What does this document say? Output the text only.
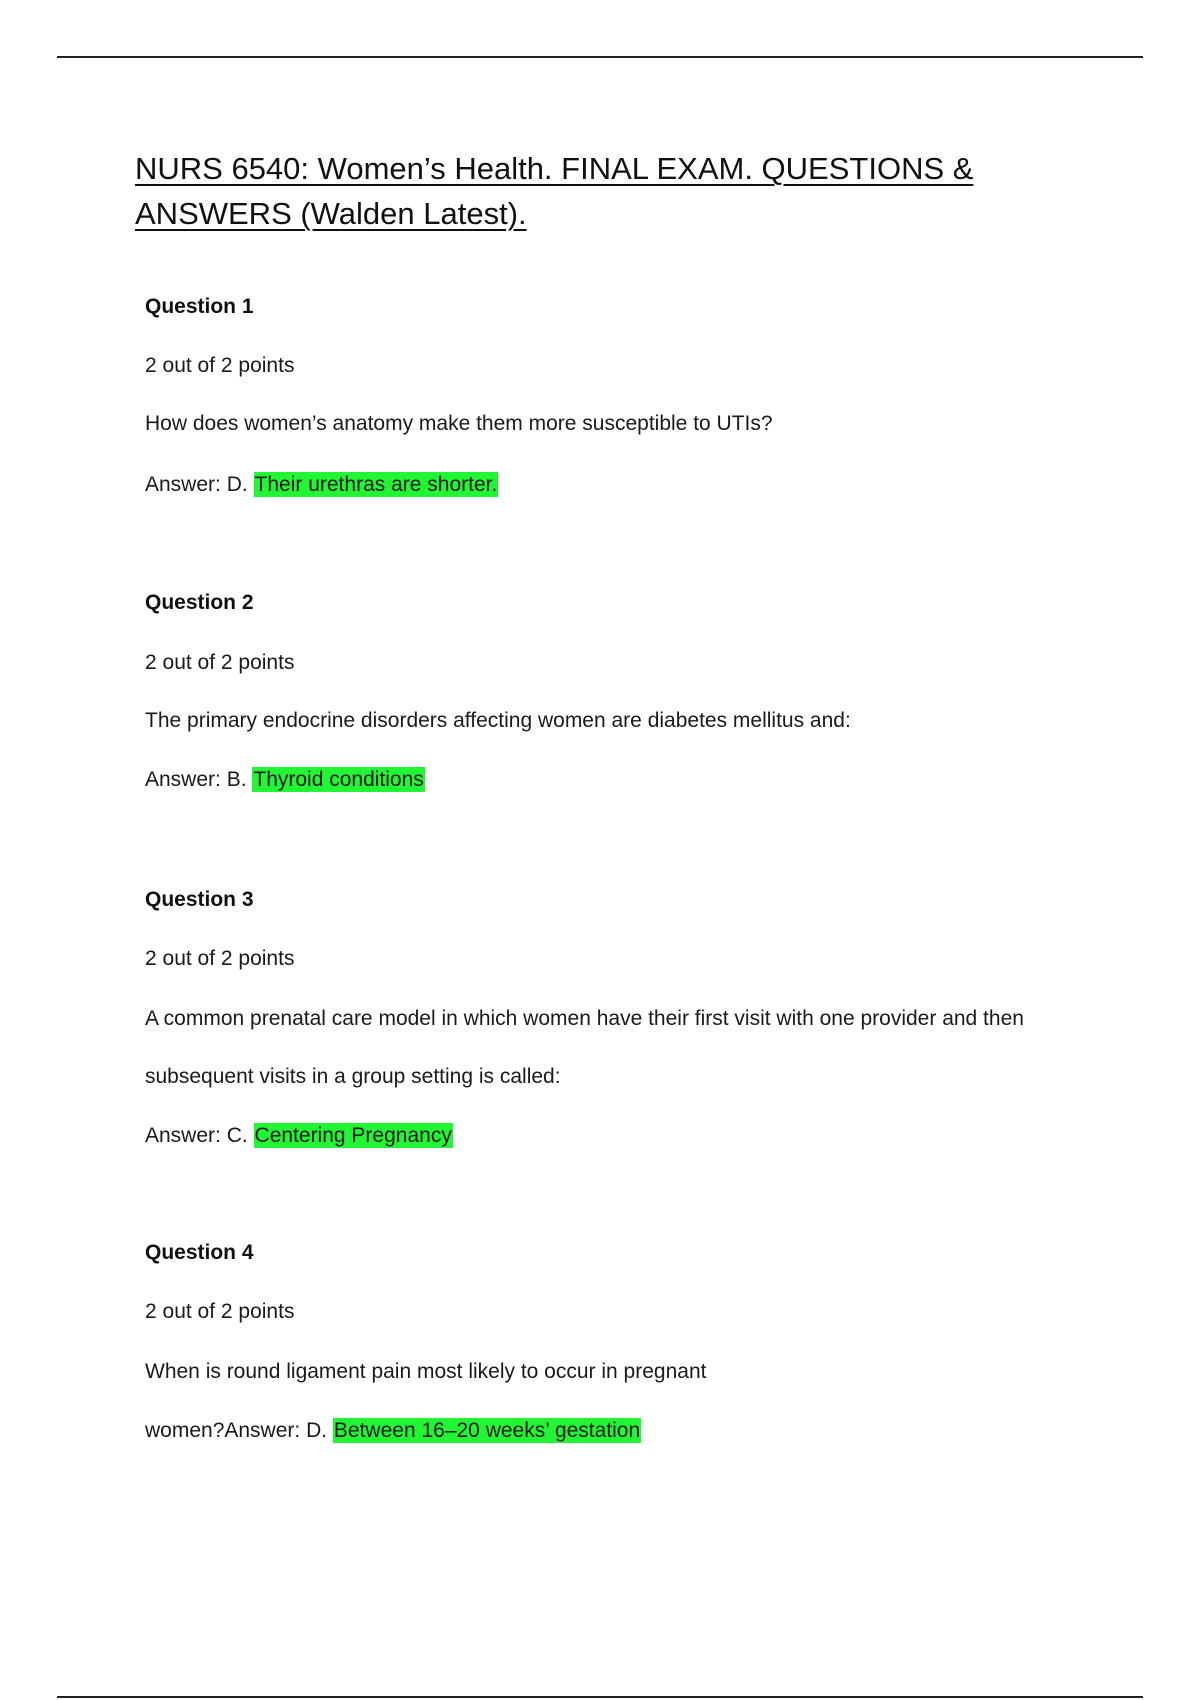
NURS 6540: Women’s Health. FINAL EXAM. QUESTIONS & ANSWERS (Walden Latest).
Question 1
2 out of 2 points
How does women’s anatomy make them more susceptible to UTIs?
Answer: D. Their urethras are shorter.
Question 2
2 out of 2 points
The primary endocrine disorders affecting women are diabetes mellitus and:
Answer: B. Thyroid conditions
Question 3
2 out of 2 points
A common prenatal care model in which women have their first visit with one provider and then
subsequent visits in a group setting is called:
Answer: C. Centering Pregnancy
Question 4
2 out of 2 points
When is round ligament pain most likely to occur in pregnant
women?Answer: D. Between 16–20 weeks’ gestation
